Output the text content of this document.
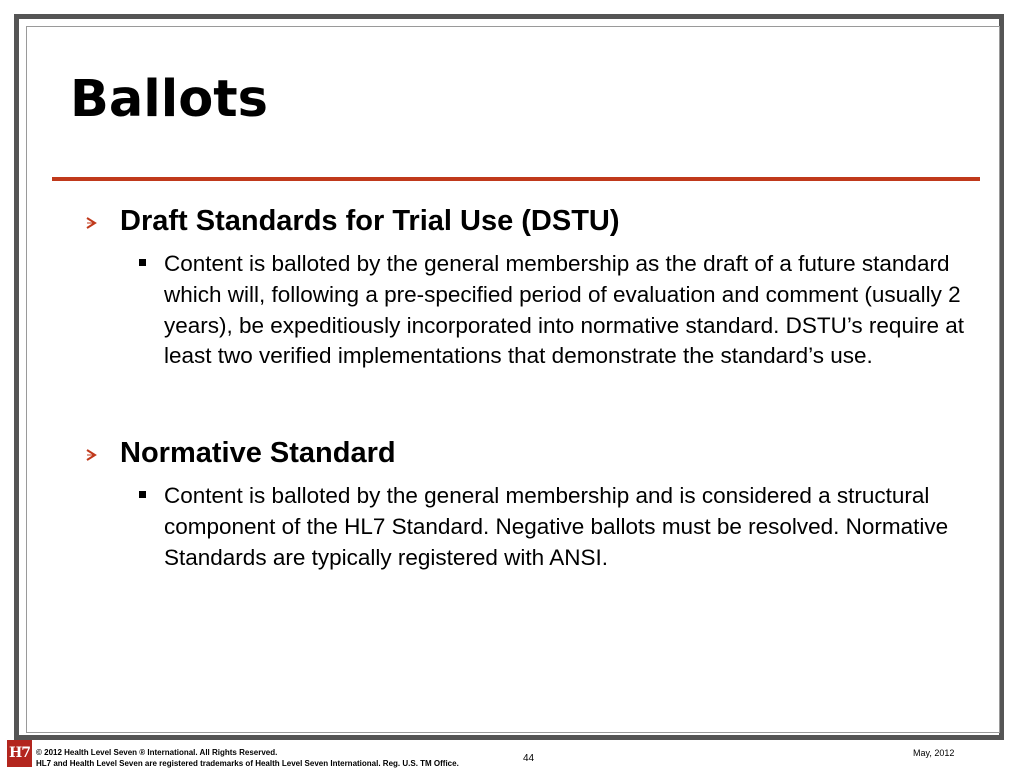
Ballots

Draft Standards for Trial Use (DSTU)

Content is balloted by the general membership as the draft of a future standard which will, following a pre-specified period of evaluation and comment (usually 2 years), be expeditiously incorporated into normative standard. DSTU’s require at least two verified implementations that demonstrate the standard’s use.

Normative Standard

Content is balloted by the general membership and is considered a structural component of the HL7 Standard. Negative ballots must be resolved. Normative Standards are typically registered with ANSI.

H7 © 2012 Health Level Seven ® International. All Rights Reserved.
HL7 and Health Level Seven are registered trademarks of Health Level Seven International. Reg. U.S. TM Office.	44	May, 2012
